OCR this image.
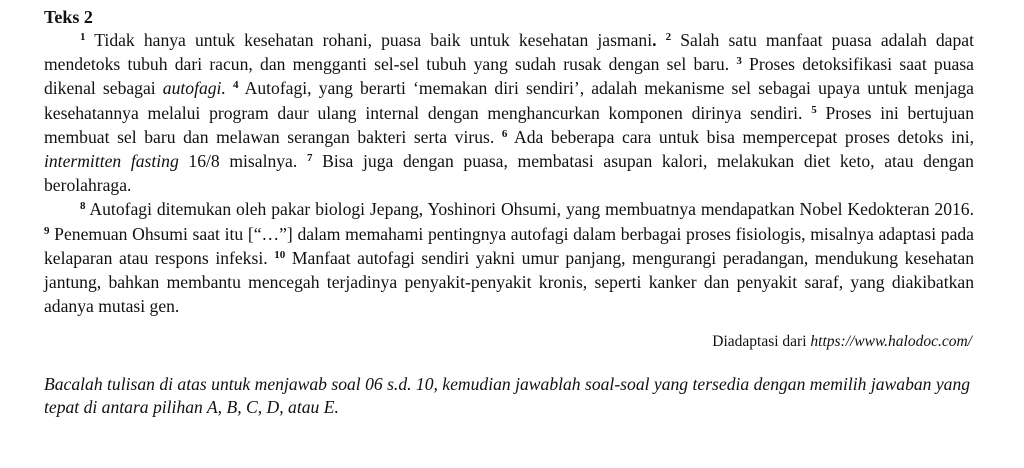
Teks 2

$^1$ Tidak hanya untuk kesehatan rohani, puasa baik untuk kesehatan jasmani. $^2$ Salah satu manfaat puasa adalah dapat mendetoks tubuh dari racun, dan mengganti sel-sel tubuh yang sudah rusak dengan sel baru. $^3$ Proses detoksifikasi saat puasa dikenal sebagai autofagi. $^4$ Autofagi, yang berarti ‘memakan diri sendiri’, adalah mekanisme sel sebagai upaya untuk menjaga kesehatannya melalui program daur ulang internal dengan menghancurkan komponen dirinya sendiri. $^5$ Proses ini bertujuan membuat sel baru dan melawan serangan bakteri serta virus. $^6$ Ada beberapa cara untuk bisa mempercepat proses detoks ini, intermitten fasting 16/8 misalnya. $^7$ Bisa juga dengan puasa, membatasi asupan kalori, melakukan diet keto, atau dengan berolahraga.

$^8$ Autofagi ditemukan oleh pakar biologi Jepang, Yoshinori Ohsumi, yang membuatnya mendapatkan Nobel Kedokteran 2016. $^9$ Penemuan Ohsumi saat itu [“…”] dalam memahami pentingnya autofagi dalam berbagai proses fisiologis, misalnya adaptasi pada kelaparan atau respons infeksi. $^{10}$ Manfaat autofagi sendiri yakni umur panjang, mengurangi peradangan, mendukung kesehatan jantung, bahkan membantu mencegah terjadinya penyakit-penyakit kronis, seperti kanker dan penyakit saraf, yang diakibatkan adanya mutasi gen.

Diadaptasi dari https://www.halodoc.com/
Bacalah tulisan di atas untuk menjawab soal 06 s.d. 10, kemudian jawablah soal-soal yang tersedia dengan memilih jawaban yang tepat di antara pilihan A, B, C, D, atau E.
